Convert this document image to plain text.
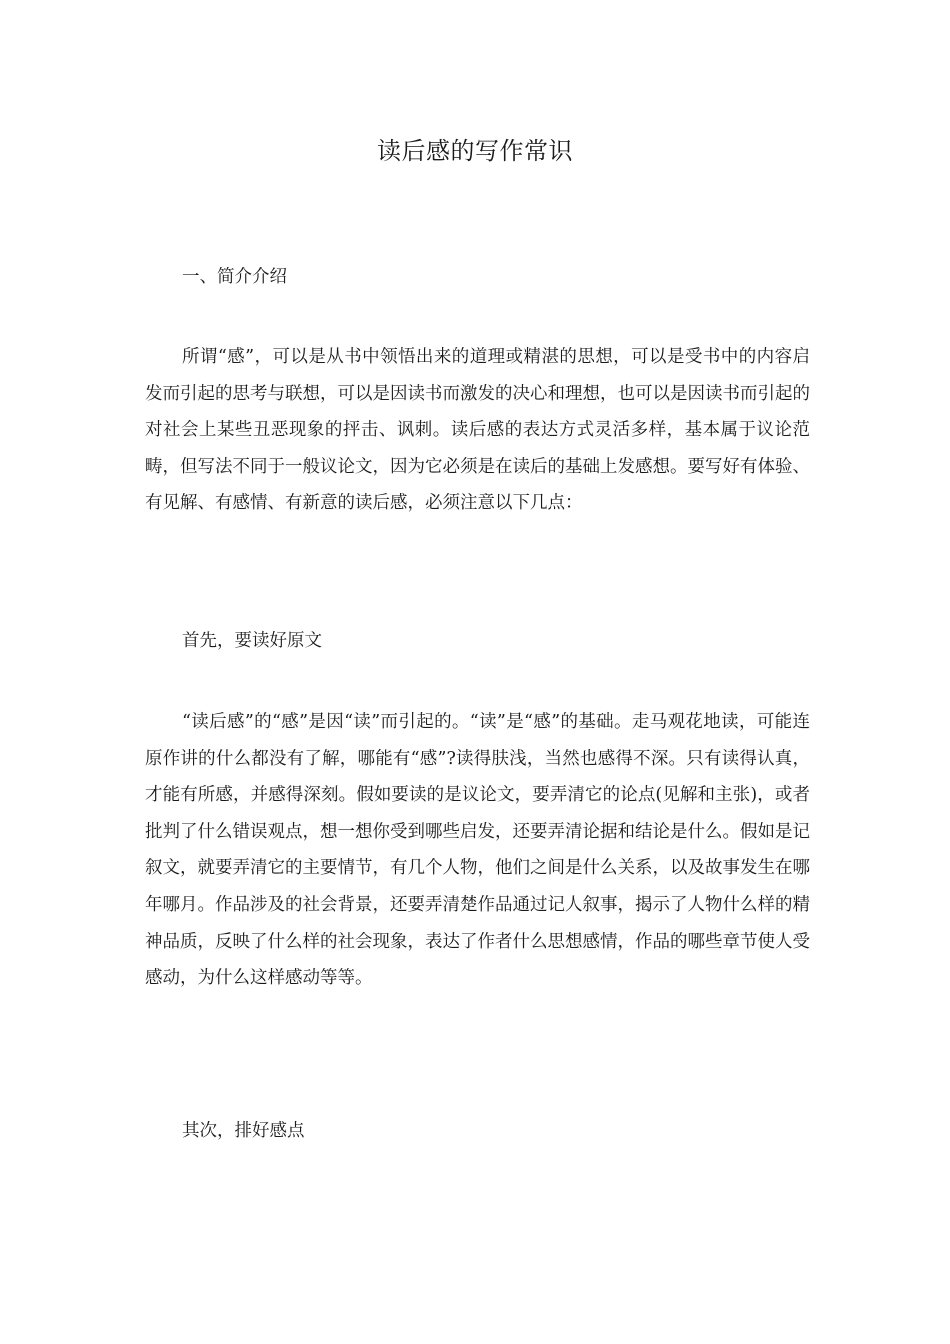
读后感的写作常识
一、简介介绍
所谓“感”，可以是从书中领悟出来的道理或精湛的思想，可以是受书中的内容启发而引起的思考与联想，可以是因读书而激发的决心和理想，也可以是因读书而引起的对社会上某些丑恶现象的抨击、讽刺。读后感的表达方式灵活多样，基本属于议论范畴，但写法不同于一般议论文，因为它必须是在读后的基础上发感想。要写好有体验、有见解、有感情、有新意的读后感，必须注意以下几点：
首先，要读好原文
“读后感”的“感”是因“读”而引起的。“读”是“感”的基础。走马观花地读，可能连原作讲的什么都没有了解，哪能有“感”?读得肤浅，当然也感得不深。只有读得认真，才能有所感，并感得深刻。假如要读的是议论文，要弄清它的论点(见解和主张)，或者批判了什么错误观点，想一想你受到哪些启发，还要弄清论据和结论是什么。假如是记叙文，就要弄清它的主要情节，有几个人物，他们之间是什么关系，以及故事发生在哪年哪月。作品涉及的社会背景，还要弄清楚作品通过记人叙事，揭示了人物什么样的精神品质，反映了什么样的社会现象，表达了作者什么思想感情，作品的哪些章节使人受感动，为什么这样感动等等。
其次，排好感点
